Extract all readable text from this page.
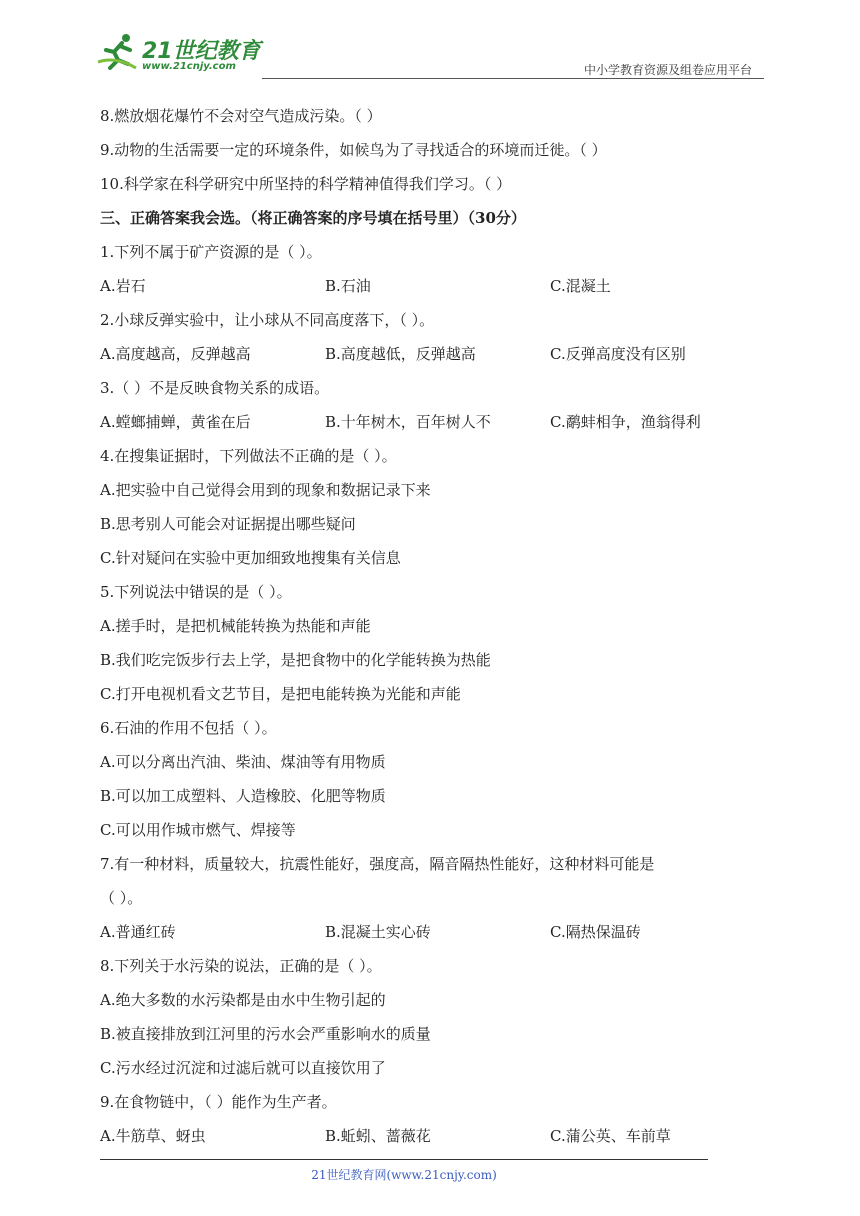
21世纪教育
www.21cnjy.com	中小学教育资源及组卷应用平台
8.燃放烟花爆竹不会对空气造成污染。（ ）
9.动物的生活需要一定的环境条件，如候鸟为了寻找适合的环境而迁徙。（ ）
10.科学家在科学研究中所坚持的科学精神值得我们学习。（ ）
三、正确答案我会选。（将正确答案的序号填在括号里）（30分）
1.下列不属于矿产资源的是（ ）。
A.岩石	B.石油	C.混凝土
2.小球反弹实验中，让小球从不同高度落下，（ ）。
A.高度越高，反弹越高	B.高度越低，反弹越高	C.反弹高度没有区别
3.（ ）不是反映食物关系的成语。
A.螳螂捕蝉，黄雀在后	B.十年树木，百年树人不	C.鹬蚌相争，渔翁得利
4.在搜集证据时，下列做法不正确的是（ ）。
A.把实验中自己觉得会用到的现象和数据记录下来
B.思考别人可能会对证据提出哪些疑问
C.针对疑问在实验中更加细致地搜集有关信息
5.下列说法中错误的是（ ）。
A.搓手时，是把机械能转换为热能和声能
B.我们吃完饭步行去上学，是把食物中的化学能转换为热能
C.打开电视机看文艺节目，是把电能转换为光能和声能
6.石油的作用不包括（ ）。
A.可以分离出汽油、柴油、煤油等有用物质
B.可以加工成塑料、人造橡胶、化肥等物质
C.可以用作城市燃气、焊接等
7.有一种材料，质量较大，抗震性能好，强度高，隔音隔热性能好，这种材料可能是
（ ）。
A.普通红砖	B.混凝土实心砖	C.隔热保温砖
8.下列关于水污染的说法，正确的是（ ）。
A.绝大多数的水污染都是由水中生物引起的
B.被直接排放到江河里的污水会严重影响水的质量
C.污水经过沉淀和过滤后就可以直接饮用了
9.在食物链中，（ ）能作为生产者。
A.牛筋草、蚜虫	B.蚯蚓、蔷薇花	C.蒲公英、车前草
21世纪教育网(www.21cnjy.com)
